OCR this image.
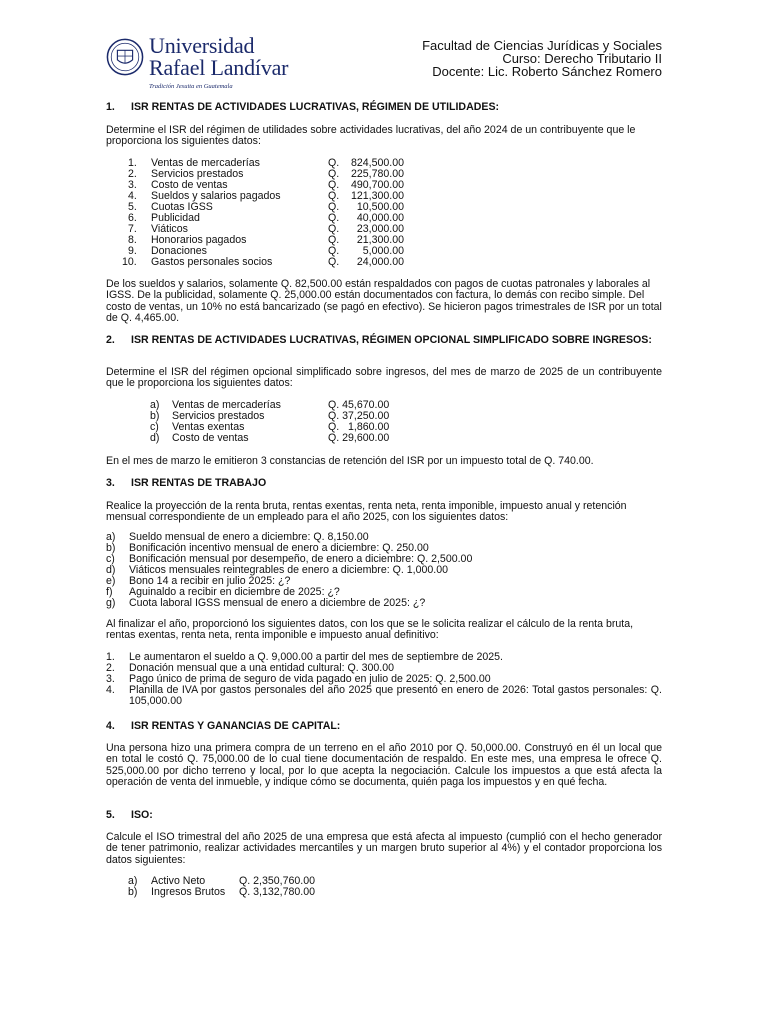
Universidad
Rafael Landívar
Tradición Jesuita en Guatemala
Facultad de Ciencias Jurídicas y Sociales
Curso: Derecho Tributario II
Docente: Lic. Roberto Sánchez Romero
1.	ISR RENTAS DE ACTIVIDADES LUCRATIVAS, RÉGIMEN DE UTILIDADES:

Determine el ISR del régimen de utilidades sobre actividades lucrativas, del año 2024 de un contribuyente que le proporciona los siguientes datos:

1. Ventas de mercaderías	Q. 824,500.00
2. Servicios prestados	Q. 225,780.00
3. Costo de ventas	Q. 490,700.00
4. Sueldos y salarios pagados	Q. 121,300.00
5. Cuotas IGSS	Q. 10,500.00
6. Publicidad	Q. 40,000.00
7. Viáticos	Q. 23,000.00
8. Honorarios pagados	Q. 21,300.00
9. Donaciones	Q. 5,000.00
10. Gastos personales socios	Q. 24,000.00

De los sueldos y salarios, solamente Q. 82,500.00 están respaldados con pagos de cuotas patronales y laborales al IGSS. De la publicidad, solamente Q. 25,000.00 están documentados con factura, lo demás con recibo simple. Del costo de ventas, un 10% no está bancarizado (se pagó en efectivo). Se hicieron pagos trimestrales de ISR por un total de Q. 4,465.00.

2.	ISR RENTAS DE ACTIVIDADES LUCRATIVAS, RÉGIMEN OPCIONAL SIMPLIFICADO SOBRE INGRESOS:

Determine el ISR del régimen opcional simplificado sobre ingresos, del mes de marzo de 2025 de un contribuyente que le proporciona los siguientes datos:

a) Ventas de mercaderías	Q. 45,670.00
b) Servicios prestados	Q. 37,250.00
c) Ventas exentas	Q.   1,860.00
d) Costo de ventas	Q. 29,600.00

En el mes de marzo le emitieron 3 constancias de retención del ISR por un impuesto total de Q. 740.00.

3.	ISR RENTAS DE TRABAJO

Realice la proyección de la renta bruta, rentas exentas, renta neta, renta imponible, impuesto anual y retención mensual correspondiente de un empleado para el año 2025, con los siguientes datos:

a)	Sueldo mensual de enero a diciembre: Q. 8,150.00
b)	Bonificación incentivo mensual de enero a diciembre: Q. 250.00
c)	Bonificación mensual por desempeño, de enero a diciembre: Q. 2,500.00
d)	Viáticos mensuales reintegrables de enero a diciembre: Q. 1,000.00
e)	Bono 14 a recibir en julio 2025: ¿?
f)	Aguinaldo a recibir en diciembre de 2025: ¿?
g)	Cuota laboral IGSS mensual de enero a diciembre de 2025: ¿?

Al finalizar el año, proporcionó los siguientes datos, con los que se le solicita realizar el cálculo de la renta bruta, rentas exentas, renta neta, renta imponible e impuesto anual definitivo:

1.	Le aumentaron el sueldo a Q. 9,000.00 a partir del mes de septiembre de 2025.
2.	Donación mensual que a una entidad cultural: Q. 300.00
3.	Pago único de prima de seguro de vida pagado en julio de 2025: Q. 2,500.00
4.	Planilla de IVA por gastos personales del año 2025 que presentó en enero de 2026: Total gastos personales: Q. 105,000.00
4.	ISR RENTAS Y GANANCIAS DE CAPITAL:

Una persona hizo una primera compra de un terreno en el año 2010 por Q. 50,000.00. Construyó en él un local que en total le costó Q. 75,000.00 de lo cual tiene documentación de respaldo. En este mes, una empresa le ofrece Q. 525,000.00 por dicho terreno y local, por lo que acepta la negociación. Calcule los impuestos a que está afecta la operación de venta del inmueble, y indique cómo se documenta, quién paga los impuestos y en qué fecha.

5.	ISO:

Calcule el ISO trimestral del año 2025 de una empresa que está afecta al impuesto (cumplió con el hecho generador de tener patrimonio, realizar actividades mercantiles y un margen bruto superior al 4%) y el contador proporciona los datos siguientes:

a) Activo Neto	Q. 2,350,760.00
b) Ingresos Brutos Q. 3,132,780.00
